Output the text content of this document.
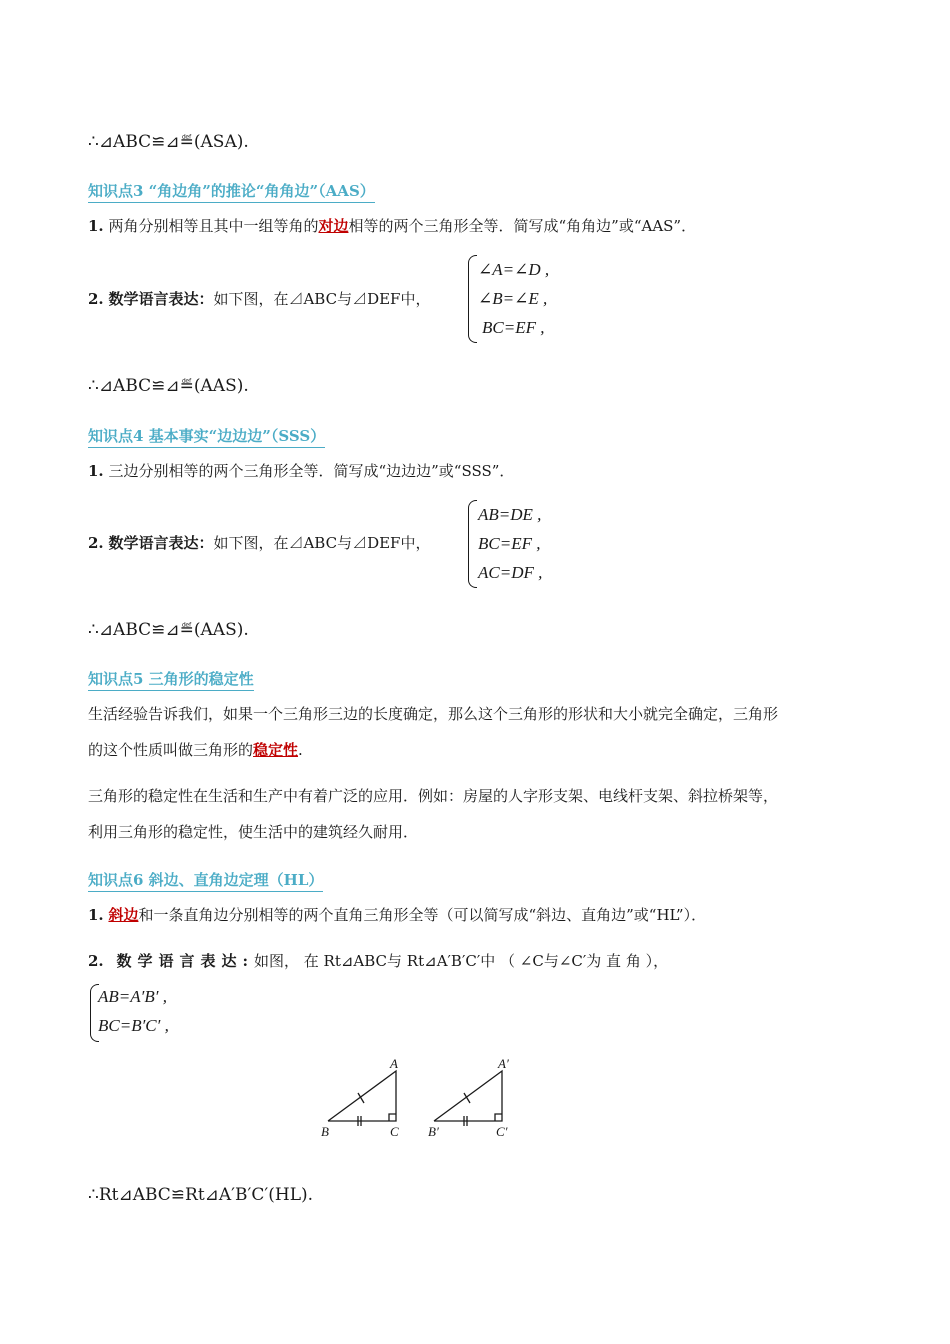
∴⊿ABC≌⊿≝(ASA).
知识点3 “角边角”的推论“角角边”（AAS）
1. 两角分别相等且其中一组等角的对边相等的两个三角形全等．简写成“角角边”或“AAS”．
2. 数学语言表达：如下图，在⊿ABC与⊿DEF中，
∠A=∠D ,
∠B=∠E ,
BC=EF ,
∴⊿ABC≌⊿≝(AAS).
知识点4 基本事实“边边边”（SSS）
1. 三边分别相等的两个三角形全等．简写成“边边边”或“SSS”．
2. 数学语言表达：如下图，在⊿ABC与⊿DEF中，
AB=DE ,
BC=EF ,
AC=DF ,
∴⊿ABC≌⊿≝(AAS).
知识点5 三角形的稳定性
生活经验告诉我们，如果一个三角形三边的长度确定，那么这个三角形的形状和大小就完全确定，三角形
的这个性质叫做三角形的稳定性.
三角形的稳定性在生活和生产中有着广泛的应用．例如：房屋的人字形支架、电线杆支架、斜拉桥架等，
利用三角形的稳定性，使生活中的建筑经久耐用．
知识点6 斜边、直角边定理（HL）
1. 斜边和一条直角边分别相等的两个直角三角形全等（可以简写成“斜边、直角边”或“HL”）．
2. 数学语言表达:如图， 在 Rt⊿ABC与 Rt⊿A′B′C′中 （ ∠C与∠C′为 直 角 ），
AB=A′B′ ,
BC=B′C′ ,
A
B	C
A′
B′	C′
∴Rt⊿ABC≌Rt⊿A′B′C′(HL).
